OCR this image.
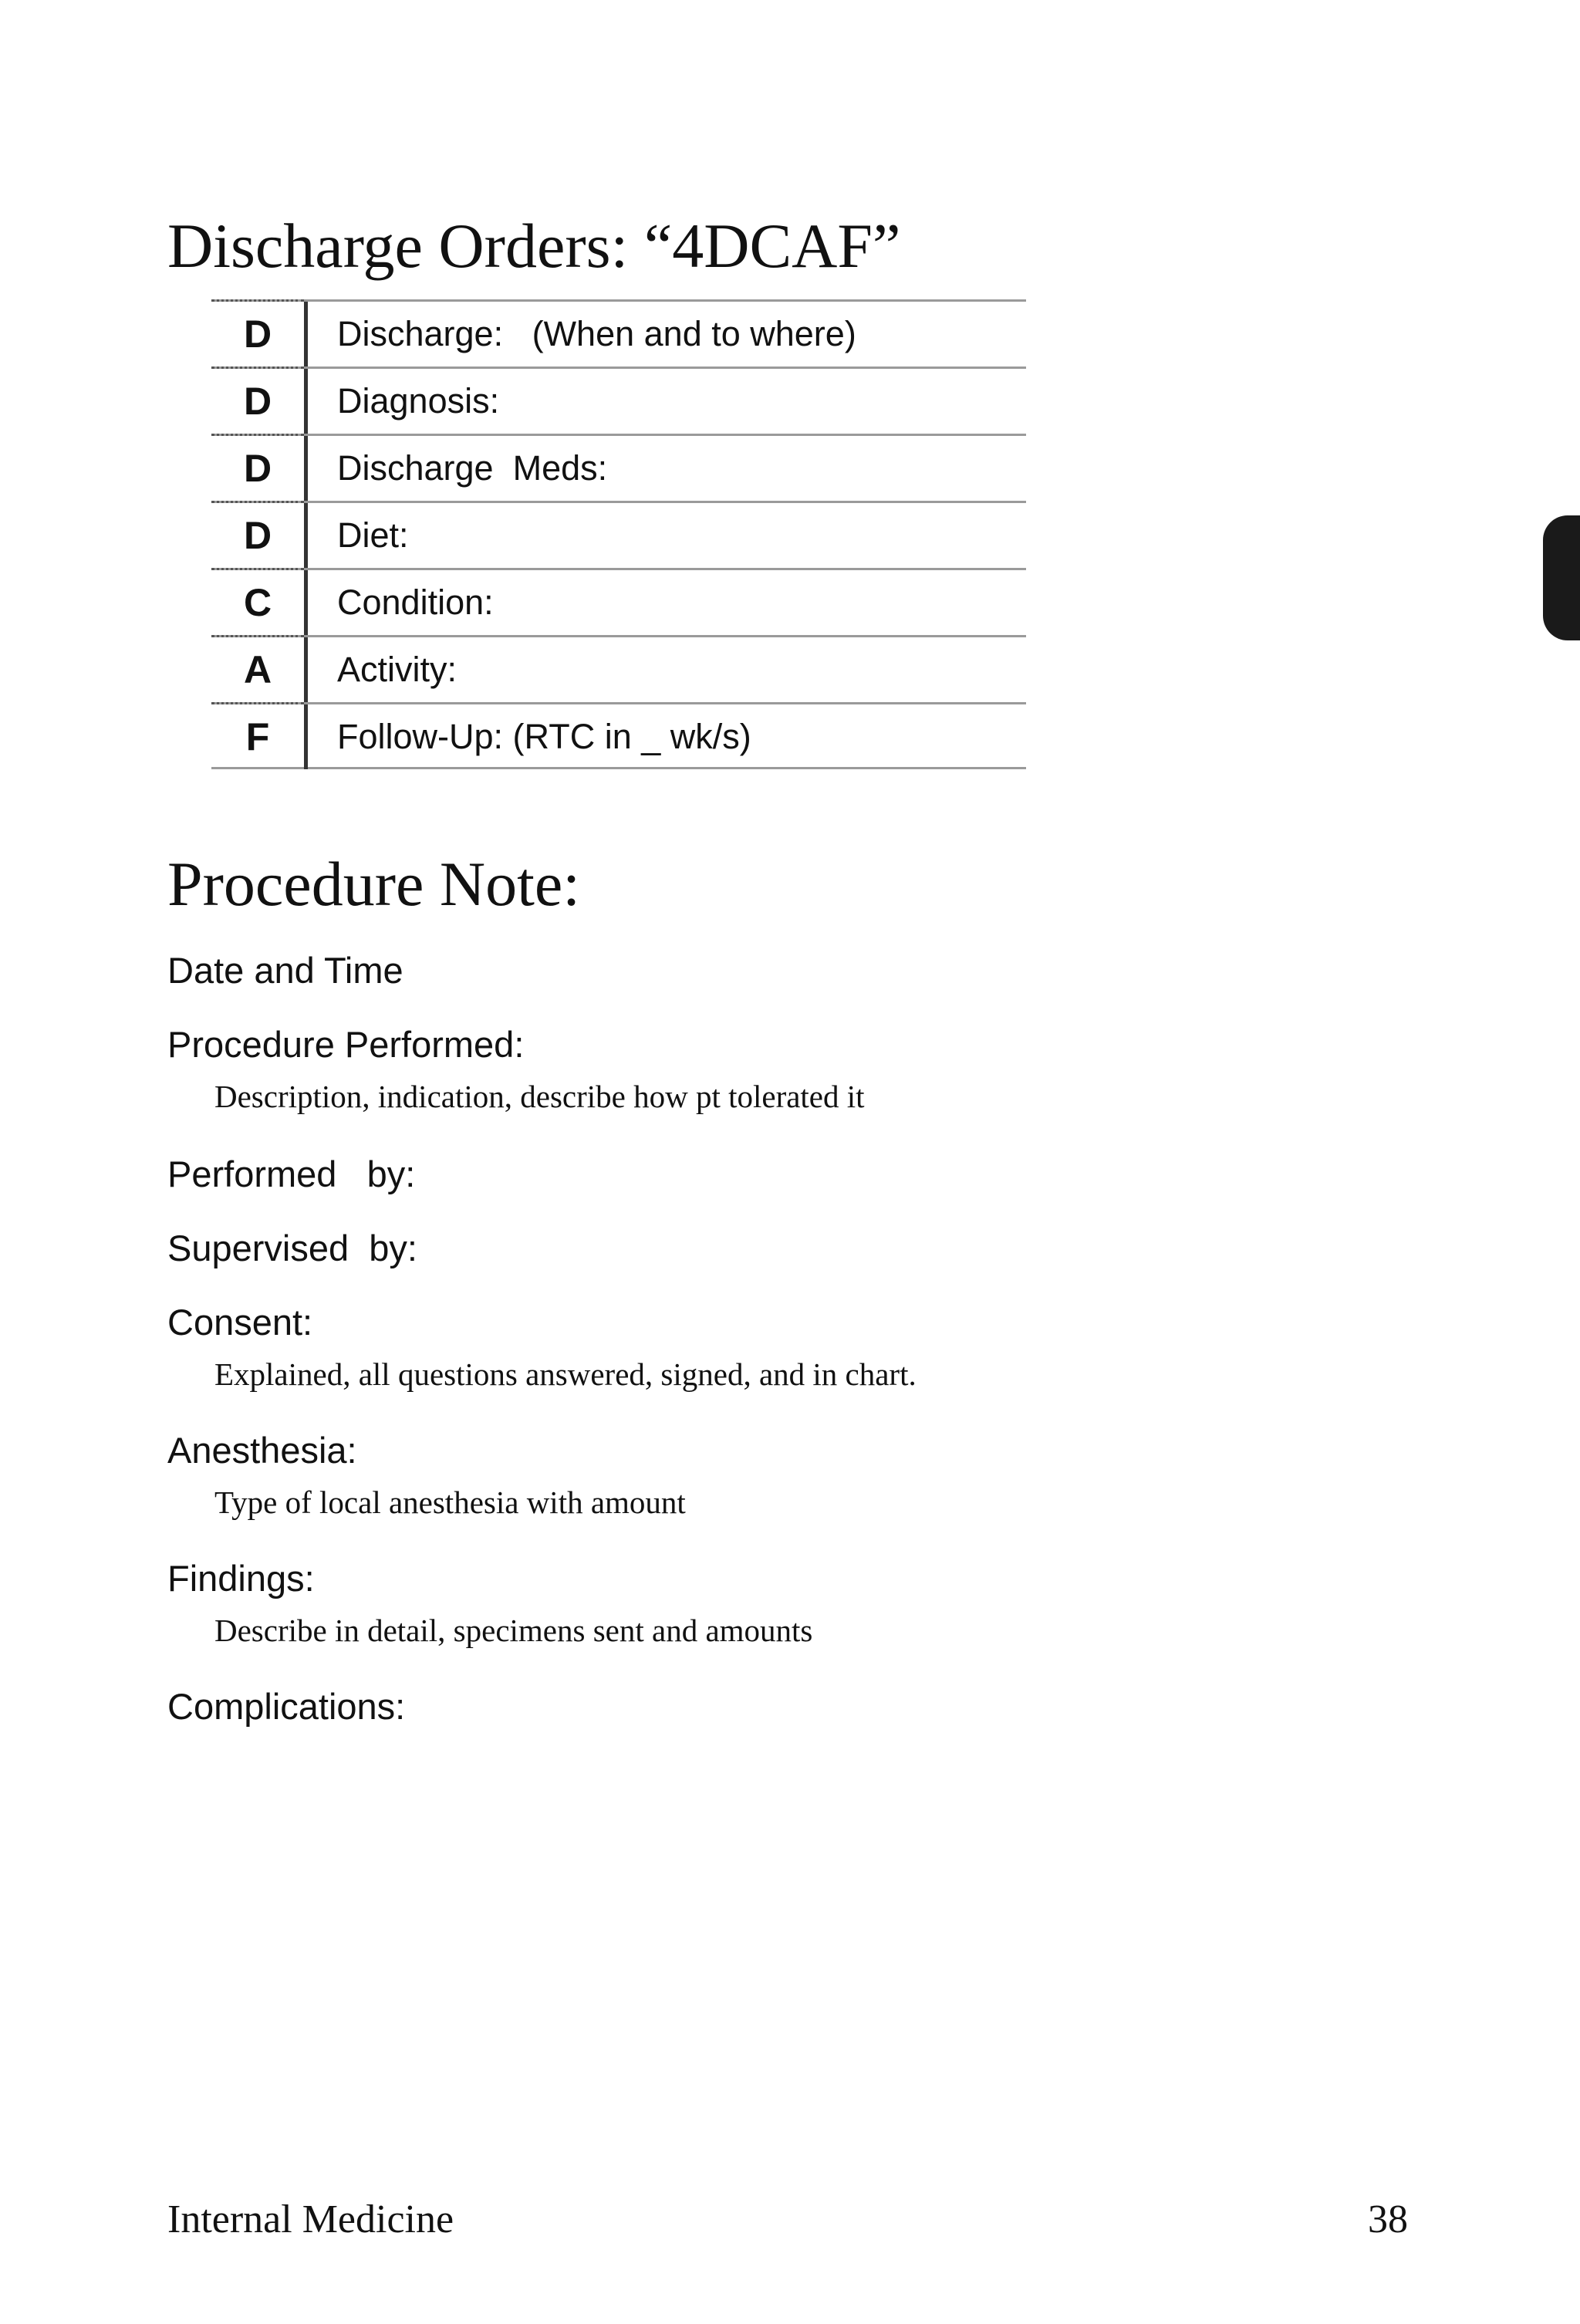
Discharge Orders: “4DCAF”
D	Discharge:   (When and to where)
D	Diagnosis:
D	Discharge  Meds:
D	Diet:
C	Condition:
A	Activity:
F	Follow-Up: (RTC in _ wk/s)
Procedure Note:
Date and Time
Procedure Performed:
Description, indication, describe how pt tolerated it
Performed   by:
Supervised  by:
Consent:
Explained, all questions answered, signed, and in chart.
Anesthesia:
Type of local anesthesia with amount
Findings:
Describe in detail, specimens sent and amounts
Complications:
Internal Medicine	38
